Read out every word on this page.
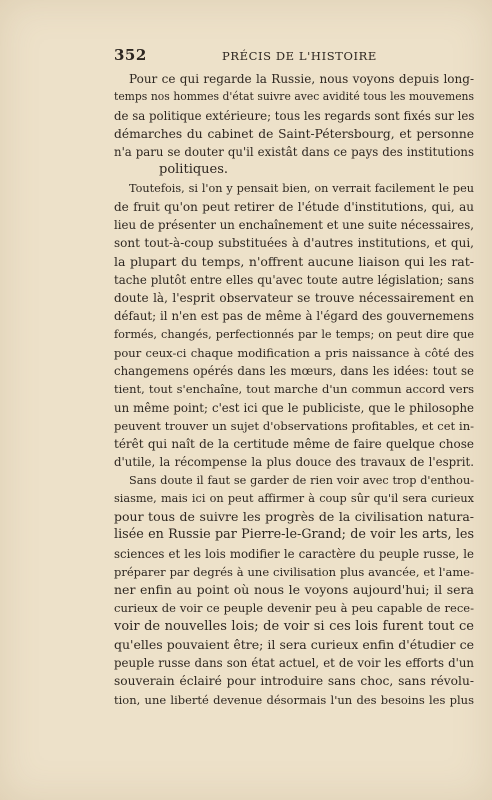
352	PRÉCIS DE L'HISTOIRE
Pour ce qui regarde la Russie, nous voyons depuis long-
temps nos hommes d'état suivre avec avidité tous les mouvemens
de sa politique extérieure; tous les regards sont fixés sur les
démarches du cabinet de Saint-Pétersbourg, et personne
n'a paru se douter qu'il existât dans ce pays des institutions
politiques.
Toutefois, si l'on y pensait bien, on verrait facilement le peu
de fruit qu'on peut retirer de l'étude d'institutions, qui, au
lieu de présenter un enchaînement et une suite nécessaires,
sont tout-à-coup substituées à d'autres institutions, et qui,
la plupart du temps, n'offrent aucune liaison qui les rat-
tache plutôt entre elles qu'avec toute autre législation; sans
doute là, l'esprit observateur se trouve nécessairement en
défaut; il n'en est pas de même à l'égard des gouvernemens
formés, changés, perfectionnés par le temps; on peut dire que
pour ceux-ci chaque modification a pris naissance à côté des
changemens opérés dans les mœurs, dans les idées: tout se
tient, tout s'enchaîne, tout marche d'un commun accord vers
un même point; c'est ici que le publiciste, que le philosophe
peuvent trouver un sujet d'observations profitables, et cet in-
térêt qui naît de la certitude même de faire quelque chose
d'utile, la récompense la plus douce des travaux de l'esprit.
Sans doute il faut se garder de rien voir avec trop d'enthou-
siasme, mais ici on peut affirmer à coup sûr qu'il sera curieux
pour tous de suivre les progrès de la civilisation natura-
lisée en Russie par Pierre-le-Grand; de voir les arts, les
sciences et les lois modifier le caractère du peuple russe, le
préparer par degrés à une civilisation plus avancée, et l'ame-
ner enfin au point où nous le voyons aujourd'hui; il sera
curieux de voir ce peuple devenir peu à peu capable de rece-
voir de nouvelles lois; de voir si ces lois furent tout ce
qu'elles pouvaient être; il sera curieux enfin d'étudier ce
peuple russe dans son état actuel, et de voir les efforts d'un
souverain éclairé pour introduire sans choc, sans révolu-
tion, une liberté devenue désormais l'un des besoins les plus
